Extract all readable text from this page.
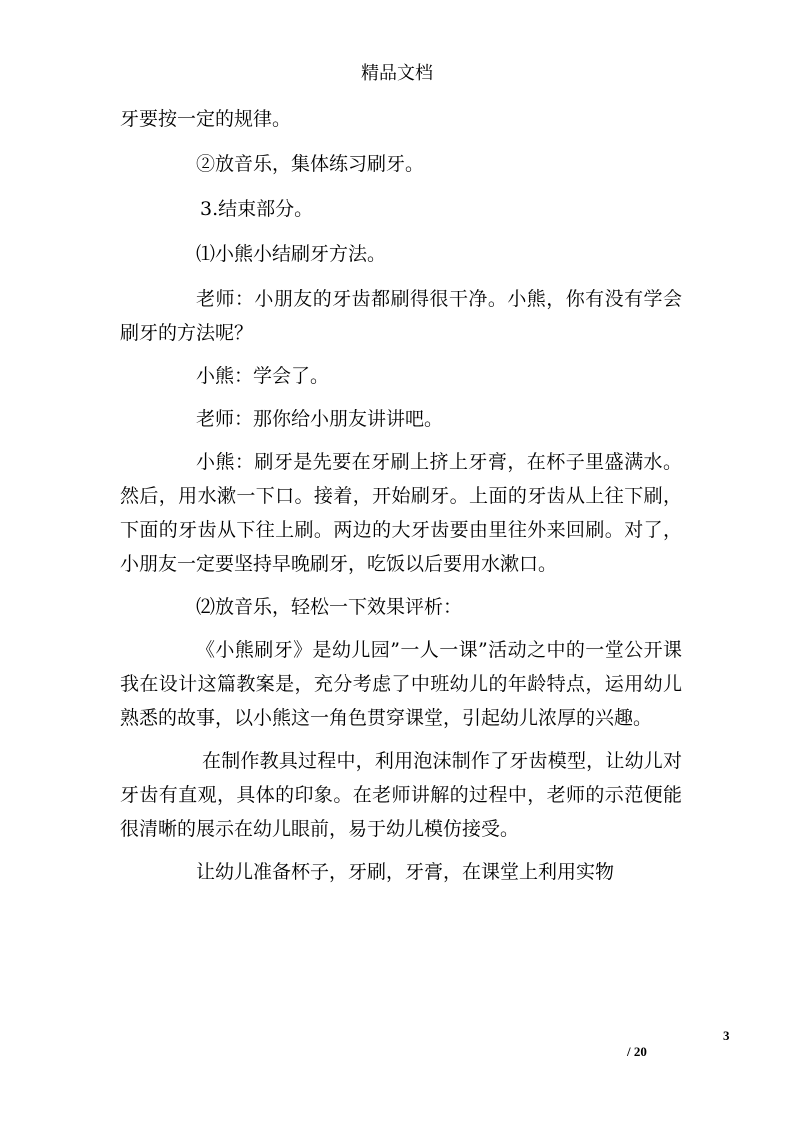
精品文档

牙要按一定的规律。

②放音乐，集体练习刷牙。

3.结束部分。

⑴小熊小结刷牙方法。

老师：小朋友的牙齿都刷得很干净。小熊，你有没有学会刷牙的方法呢？

小熊：学会了。

老师：那你给小朋友讲讲吧。

小熊：刷牙是先要在牙刷上挤上牙膏，在杯子里盛满水。然后，用水漱一下口。接着，开始刷牙。上面的牙齿从上往下刷，下面的牙齿从下往上刷。两边的大牙齿要由里往外来回刷。对了，小朋友一定要坚持早晚刷牙，吃饭以后要用水漱口。

⑵放音乐，轻松一下效果评析：

《小熊刷牙》是幼儿园”一人一课”活动之中的一堂公开课我在设计这篇教案是，充分考虑了中班幼儿的年龄特点，运用幼儿熟悉的故事，以小熊这一角色贯穿课堂，引起幼儿浓厚的兴趣。

在制作教具过程中，利用泡沫制作了牙齿模型，让幼儿对牙齿有直观，具体的印象。在老师讲解的过程中，老师的示范便能很清晰的展示在幼儿眼前，易于幼儿模仿接受。

让幼儿准备杯子，牙刷，牙膏，在课堂上利用实物

3
/ 20
